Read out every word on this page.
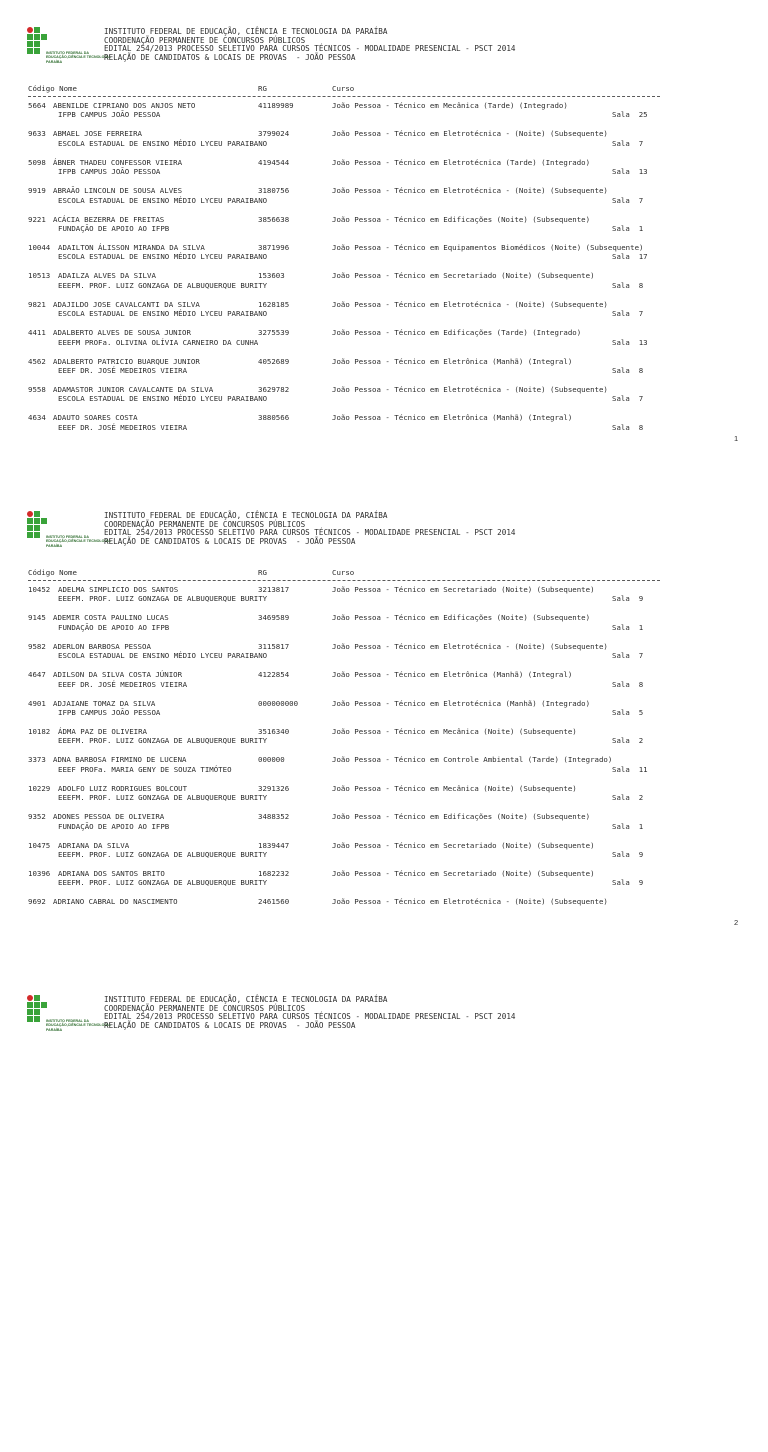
INSTITUTO FEDERAL DA
EDUCAÇÃO,CIÊNCIA E TECNOLOGIA
PARAÍBA
INSTITUTO FEDERAL DE EDUCAÇÃO, CIÊNCIA E TECNOLOGIA DA PARAÍBA
COORDENAÇÃO PERMANENTE DE CONCURSOS PÚBLICOS
EDITAL 254/2013 PROCESSO SELETIVO PARA CURSOS TÉCNICOS - MODALIDADE PRESENCIAL - PSCT 2014
RELAÇÃO DE CANDIDATOS & LOCAIS DE PROVAS  - JOÃO PESSOA
Código Nome	RG	Curso
5664 ABENILDE CIPRIANO DOS ANJOS NETO	41189989	João Pessoa - Técnico em Mecânica (Tarde) (Integrado)
IFPB CAMPUS JOÃO PESSOA	Sala  25
9633 ABMAEL JOSE FERREIRA	3799024	João Pessoa - Técnico em Eletrotécnica - (Noite) (Subsequente)
ESCOLA ESTADUAL DE ENSINO MÉDIO LYCEU PARAIBANO	Sala  7
5098 ÁBNER THADEU CONFESSOR VIEIRA	4194544	João Pessoa - Técnico em Eletrotécnica (Tarde) (Integrado)
IFPB CAMPUS JOÃO PESSOA	Sala  13
9919 ABRAÃO LINCOLN DE SOUSA ALVES	3180756	João Pessoa - Técnico em Eletrotécnica - (Noite) (Subsequente)
ESCOLA ESTADUAL DE ENSINO MÉDIO LYCEU PARAIBANO	Sala  7
9221 ACÁCIA BEZERRA DE FREITAS	3856638	João Pessoa - Técnico em Edificações (Noite) (Subsequente)
FUNDAÇÃO DE APOIO AO IFPB	Sala  1
10044 ADAILTON ÁLISSON MIRANDA DA SILVA	3871996	João Pessoa - Técnico em Equipamentos Biomédicos (Noite) (Subsequente)
ESCOLA ESTADUAL DE ENSINO MÉDIO LYCEU PARAIBANO	Sala  17
10513 ADAILZA ALVES DA SILVA	153603	João Pessoa - Técnico em Secretariado (Noite) (Subsequente)
EEEFM. PROF. LUIZ GONZAGA DE ALBUQUERQUE BURITY	Sala  8
9821 ADAJILDO JOSE CAVALCANTI DA SILVA	1628185	João Pessoa - Técnico em Eletrotécnica - (Noite) (Subsequente)
ESCOLA ESTADUAL DE ENSINO MÉDIO LYCEU PARAIBANO	Sala  7
4411 ADALBERTO ALVES DE SOUSA JUNIOR	3275539	João Pessoa - Técnico em Edificações (Tarde) (Integrado)
EEEFM PROFa. OLIVINA OLÍVIA CARNEIRO DA CUNHA	Sala  13
4562 ADALBERTO PATRICIO BUARQUE JUNIOR	4052689	João Pessoa - Técnico em Eletrônica (Manhã) (Integral)
EEEF DR. JOSÉ MEDEIROS VIEIRA	Sala  8
9558 ADAMASTOR JUNIOR CAVALCANTE DA SILVA	3629782	João Pessoa - Técnico em Eletrotécnica - (Noite) (Subsequente)
ESCOLA ESTADUAL DE ENSINO MÉDIO LYCEU PARAIBANO	Sala  7
4634 ADAUTO SOARES COSTA	3880566	João Pessoa - Técnico em Eletrônica (Manhã) (Integral)
EEEF DR. JOSÉ MEDEIROS VIEIRA	Sala  8
1
INSTITUTO FEDERAL DA
EDUCAÇÃO,CIÊNCIA E TECNOLOGIA
PARAÍBA
INSTITUTO FEDERAL DE EDUCAÇÃO, CIÊNCIA E TECNOLOGIA DA PARAÍBA
COORDENAÇÃO PERMANENTE DE CONCURSOS PÚBLICOS
EDITAL 254/2013 PROCESSO SELETIVO PARA CURSOS TÉCNICOS - MODALIDADE PRESENCIAL - PSCT 2014
RELAÇÃO DE CANDIDATOS & LOCAIS DE PROVAS  - JOÃO PESSOA
Código Nome	RG	Curso
10452 ADELMA SIMPLICIO DOS SANTOS	3213817	João Pessoa - Técnico em Secretariado (Noite) (Subsequente)
EEEFM. PROF. LUIZ GONZAGA DE ALBUQUERQUE BURITY	Sala  9
9145 ADEMIR COSTA PAULINO LUCAS	3469589	João Pessoa - Técnico em Edificações (Noite) (Subsequente)
FUNDAÇÃO DE APOIO AO IFPB	Sala  1
9582 ADERLON BARBOSA PESSOA	3115817	João Pessoa - Técnico em Eletrotécnica - (Noite) (Subsequente)
ESCOLA ESTADUAL DE ENSINO MÉDIO LYCEU PARAIBANO	Sala  7
4647 ADILSON DA SILVA COSTA JÚNIOR	4122854	João Pessoa - Técnico em Eletrônica (Manhã) (Integral)
EEEF DR. JOSÉ MEDEIROS VIEIRA	Sala  8
4901 ADJAIANE TOMAZ DA SILVA	000000000	João Pessoa - Técnico em Eletrotécnica (Manhã) (Integrado)
IFPB CAMPUS JOÃO PESSOA	Sala  5
10182 ÁDMA PAZ DE OLIVEIRA	3516340	João Pessoa - Técnico em Mecânica (Noite) (Subsequente)
EEEFM. PROF. LUIZ GONZAGA DE ALBUQUERQUE BURITY	Sala  2
3373 ADNA BARBOSA FIRMINO DE LUCENA	000000	João Pessoa - Técnico em Controle Ambiental (Tarde) (Integrado)
EEEF PROFa. MARIA GENY DE SOUZA TIMÓTEO	Sala  11
10229 ADOLFO LUIZ RODRIGUES BOLCOUT	3291326	João Pessoa - Técnico em Mecânica (Noite) (Subsequente)
EEEFM. PROF. LUIZ GONZAGA DE ALBUQUERQUE BURITY	Sala  2
9352 ADONES PESSOA DE OLIVEIRA	3488352	João Pessoa - Técnico em Edificações (Noite) (Subsequente)
FUNDAÇÃO DE APOIO AO IFPB	Sala  1
10475 ADRIANA DA SILVA	1839447	João Pessoa - Técnico em Secretariado (Noite) (Subsequente)
EEEFM. PROF. LUIZ GONZAGA DE ALBUQUERQUE BURITY	Sala  9
10396 ADRIANA DOS SANTOS BRITO	1682232	João Pessoa - Técnico em Secretariado (Noite) (Subsequente)
EEEFM. PROF. LUIZ GONZAGA DE ALBUQUERQUE BURITY	Sala  9
9692 ADRIANO CABRAL DO NASCIMENTO	2461560	João Pessoa - Técnico em Eletrotécnica - (Noite) (Subsequente)
2
INSTITUTO FEDERAL DA
EDUCAÇÃO,CIÊNCIA E TECNOLOGIA
PARAÍBA
INSTITUTO FEDERAL DE EDUCAÇÃO, CIÊNCIA E TECNOLOGIA DA PARAÍBA
COORDENAÇÃO PERMANENTE DE CONCURSOS PÚBLICOS
EDITAL 254/2013 PROCESSO SELETIVO PARA CURSOS TÉCNICOS - MODALIDADE PRESENCIAL - PSCT 2014
RELAÇÃO DE CANDIDATOS & LOCAIS DE PROVAS  - JOÃO PESSOA
